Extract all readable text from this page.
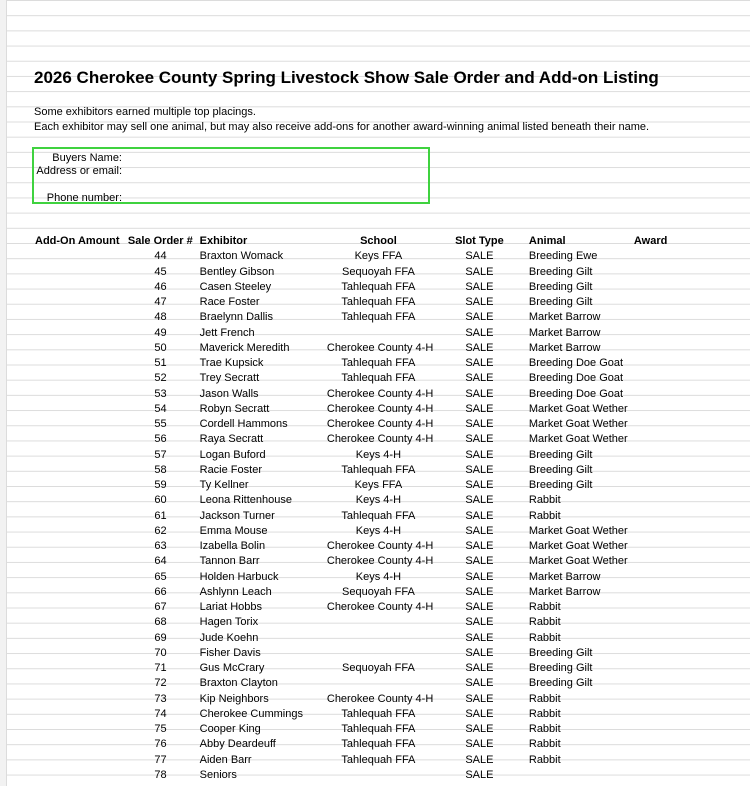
2026 Cherokee County Spring Livestock Show Sale Order and Add-on Listing
Some exhibitors earned multiple top placings.
Each exhibitor may sell one animal, but may also receive add-ons for another award-winning animal listed beneath their name.
Buyers Name:
Address or email:
Phone number:
Add-On Amount	Sale Order #	Exhibitor	School	Slot Type	Animal	Award
	44	Braxton Womack	Keys FFA	SALE	Breeding Ewe	
	45	Bentley Gibson	Sequoyah FFA	SALE	Breeding Gilt	
	46	Casen Steeley	Tahlequah FFA	SALE	Breeding Gilt	
	47	Race Foster	Tahlequah FFA	SALE	Breeding Gilt	
	48	Braelynn Dallis	Tahlequah FFA	SALE	Market Barrow	
	49	Jett French		SALE	Market Barrow	
	50	Maverick Meredith	Cherokee County 4-H	SALE	Market Barrow	
	51	Trae Kupsick	Tahlequah FFA	SALE	Breeding Doe Goat	
	52	Trey Secratt	Tahlequah FFA	SALE	Breeding Doe Goat	
	53	Jason Walls	Cherokee County 4-H	SALE	Breeding Doe Goat	
	54	Robyn Secratt	Cherokee County 4-H	SALE	Market Goat Wether	
	55	Cordell Hammons	Cherokee County 4-H	SALE	Market Goat Wether	
	56	Raya Secratt	Cherokee County 4-H	SALE	Market Goat Wether	
	57	Logan Buford	Keys 4-H	SALE	Breeding Gilt	
	58	Racie Foster	Tahlequah FFA	SALE	Breeding Gilt	
	59	Ty Kellner	Keys FFA	SALE	Breeding Gilt	
	60	Leona Rittenhouse	Keys 4-H	SALE	Rabbit	
	61	Jackson Turner	Tahlequah FFA	SALE	Rabbit	
	62	Emma Mouse	Keys 4-H	SALE	Market Goat Wether	
	63	Izabella Bolin	Cherokee County 4-H	SALE	Market Goat Wether	
	64	Tannon Barr	Cherokee County 4-H	SALE	Market Goat Wether	
	65	Holden Harbuck	Keys 4-H	SALE	Market Barrow	
	66	Ashlynn Leach	Sequoyah FFA	SALE	Market Barrow	
	67	Lariat Hobbs	Cherokee County 4-H	SALE	Rabbit	
	68	Hagen Torix		SALE	Rabbit	
	69	Jude Koehn		SALE	Rabbit	
	70	Fisher Davis		SALE	Breeding Gilt	
	71	Gus McCrary	Sequoyah FFA	SALE	Breeding Gilt	
	72	Braxton Clayton		SALE	Breeding Gilt	
	73	Kip Neighbors	Cherokee County 4-H	SALE	Rabbit	
	74	Cherokee Cummings	Tahlequah FFA	SALE	Rabbit	
	75	Cooper King	Tahlequah FFA	SALE	Rabbit	
	76	Abby Deardeuff	Tahlequah FFA	SALE	Rabbit	
	77	Aiden Barr	Tahlequah FFA	SALE	Rabbit	
	78	Seniors		SALE		
